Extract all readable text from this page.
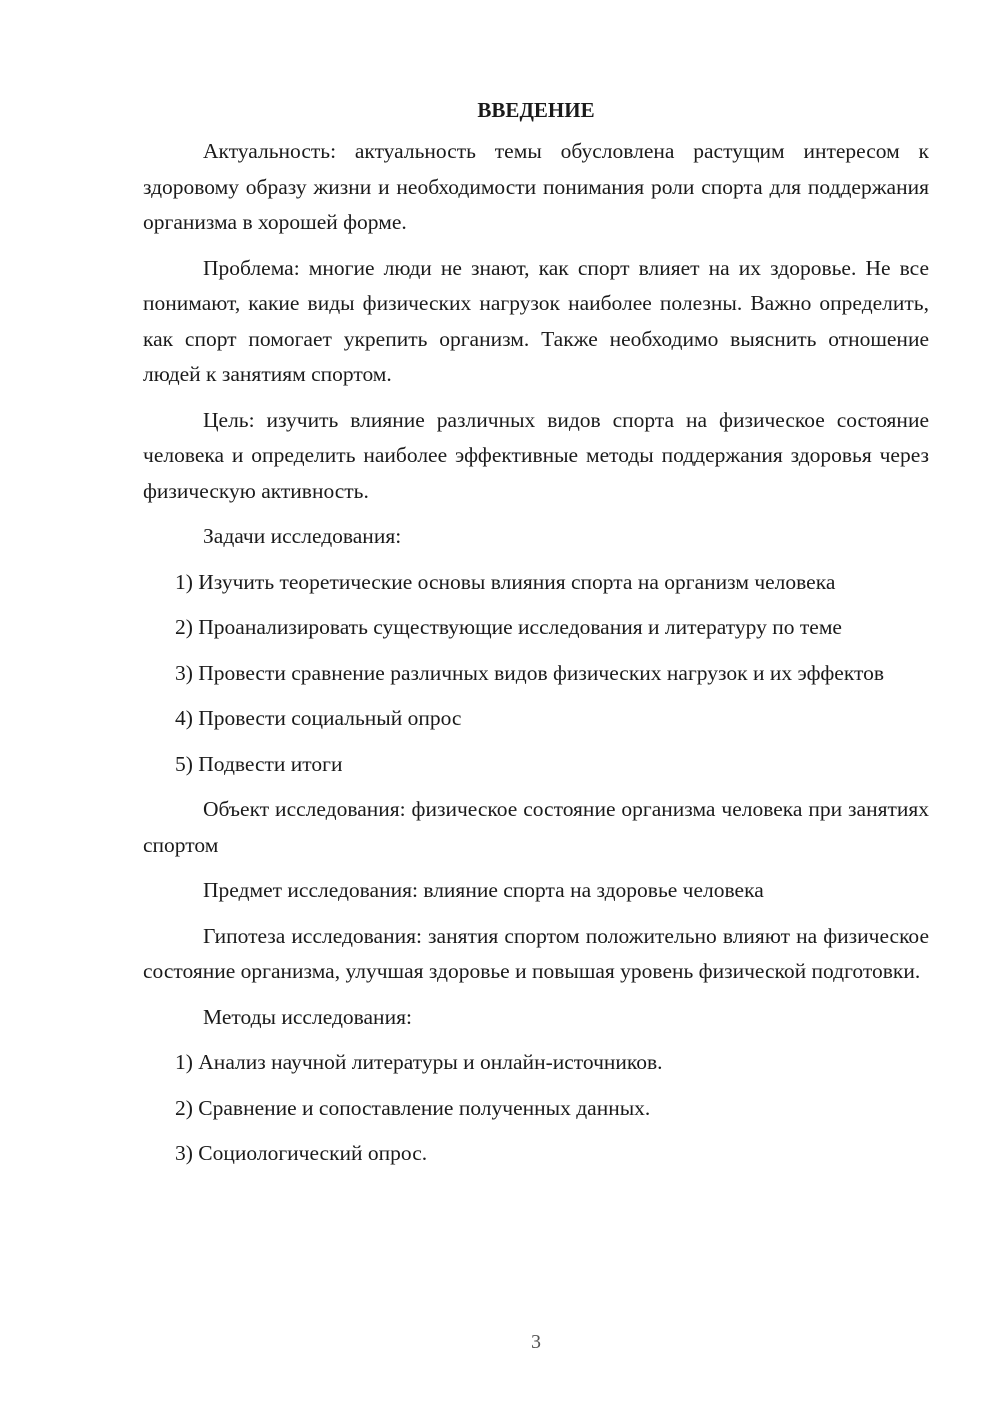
ВВЕДЕНИЕ

Актуальность: актуальность темы обусловлена растущим интересом к здоровому образу жизни и необходимости понимания роли спорта для поддержания организма в хорошей форме.

Проблема: многие люди не знают, как спорт влияет на их здоровье. Не все понимают, какие виды физических нагрузок наиболее полезны. Важно определить, как спорт помогает укрепить организм. Также необходимо выяснить отношение людей к занятиям спортом.

Цель: изучить влияние различных видов спорта на физическое состояние человека и определить наиболее эффективные методы поддержания здоровья через физическую активность.

Задачи исследования:

1) Изучить теоретические основы влияния спорта на организм человека

2) Проанализировать существующие исследования и литературу по теме

3) Провести сравнение различных видов физических нагрузок и их эффектов

4) Провести социальный опрос

5) Подвести итоги

Объект исследования: физическое состояние организма человека при занятиях спортом

Предмет исследования: влияние спорта на здоровье человека

Гипотеза исследования: занятия спортом положительно влияют на физическое состояние организма, улучшая здоровье и повышая уровень физической подготовки.

Методы исследования:

1) Анализ научной литературы и онлайн-источников.

2) Сравнение и сопоставление полученных данных.

3) Социологический опрос.

3
